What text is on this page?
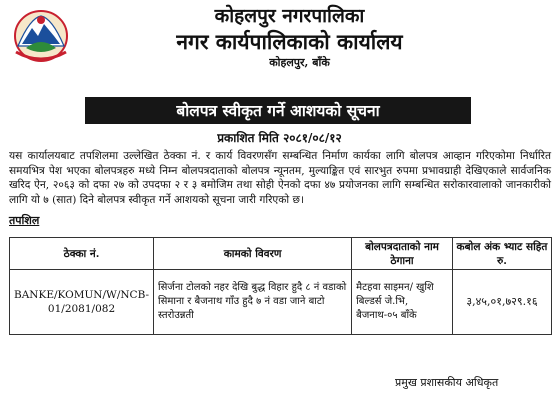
कोहलपुर नगरपालिका
नगर कार्यपालिकाको कार्यालय
कोहलपुर, बाँके
बोलपत्र स्वीकृत गर्ने आशयको सूचना
प्रकाशित मिति २०८१/०८/१२
यस कार्यालयबाट तपशिलमा उल्लेखित ठेक्का नं. र कार्य विवरणसँग सम्बन्धित निर्माण कार्यका लागि बोलपत्र आव्हान गरिएकोमा निर्धारित समयभित्र पेश भएका बोलपत्रहरु मध्ये निम्न बोलपत्रदाताको बोलपत्र न्यूनतम, मुल्याङ्कित एवं सारभुत रुपमा प्रभावग्राही देखिएकाले सार्वजनिक खरिद ऐन, २०६३ को दफा २७ को उपदफा २ र ३ बमोजिम तथा सोही ऐनको दफा ४७ प्रयोजनका लागि सम्बन्धित सरोकारवालाको जानकारीको लागि यो ७ (सात) दिने बोलपत्र स्वीकृत गर्ने आशयको सूचना जारी गरिएको छ।
तपशिल
ठेक्का नं.	कामको विवरण	बोलपत्रदाताको नाम ठेगाना	कबोल अंक भ्याट सहित रु.
BANKE/KOMUN/W/NCB-01/2081/082	सिर्जना टोलको नहर देखि बुद्ध विहार हुदै ८ नं वडाको सिमाना र बैजनाथ गाँउ हुदै ७ नं वडा जाने बाटो स्तरोउन्नती	मैटहवा साइमन/ खुशि बिल्डर्स जे.भि, बैजनाथ-०५ बाँके	३,४५,०१,७२९.१६
प्रमुख प्रशासकीय अधिकृत
